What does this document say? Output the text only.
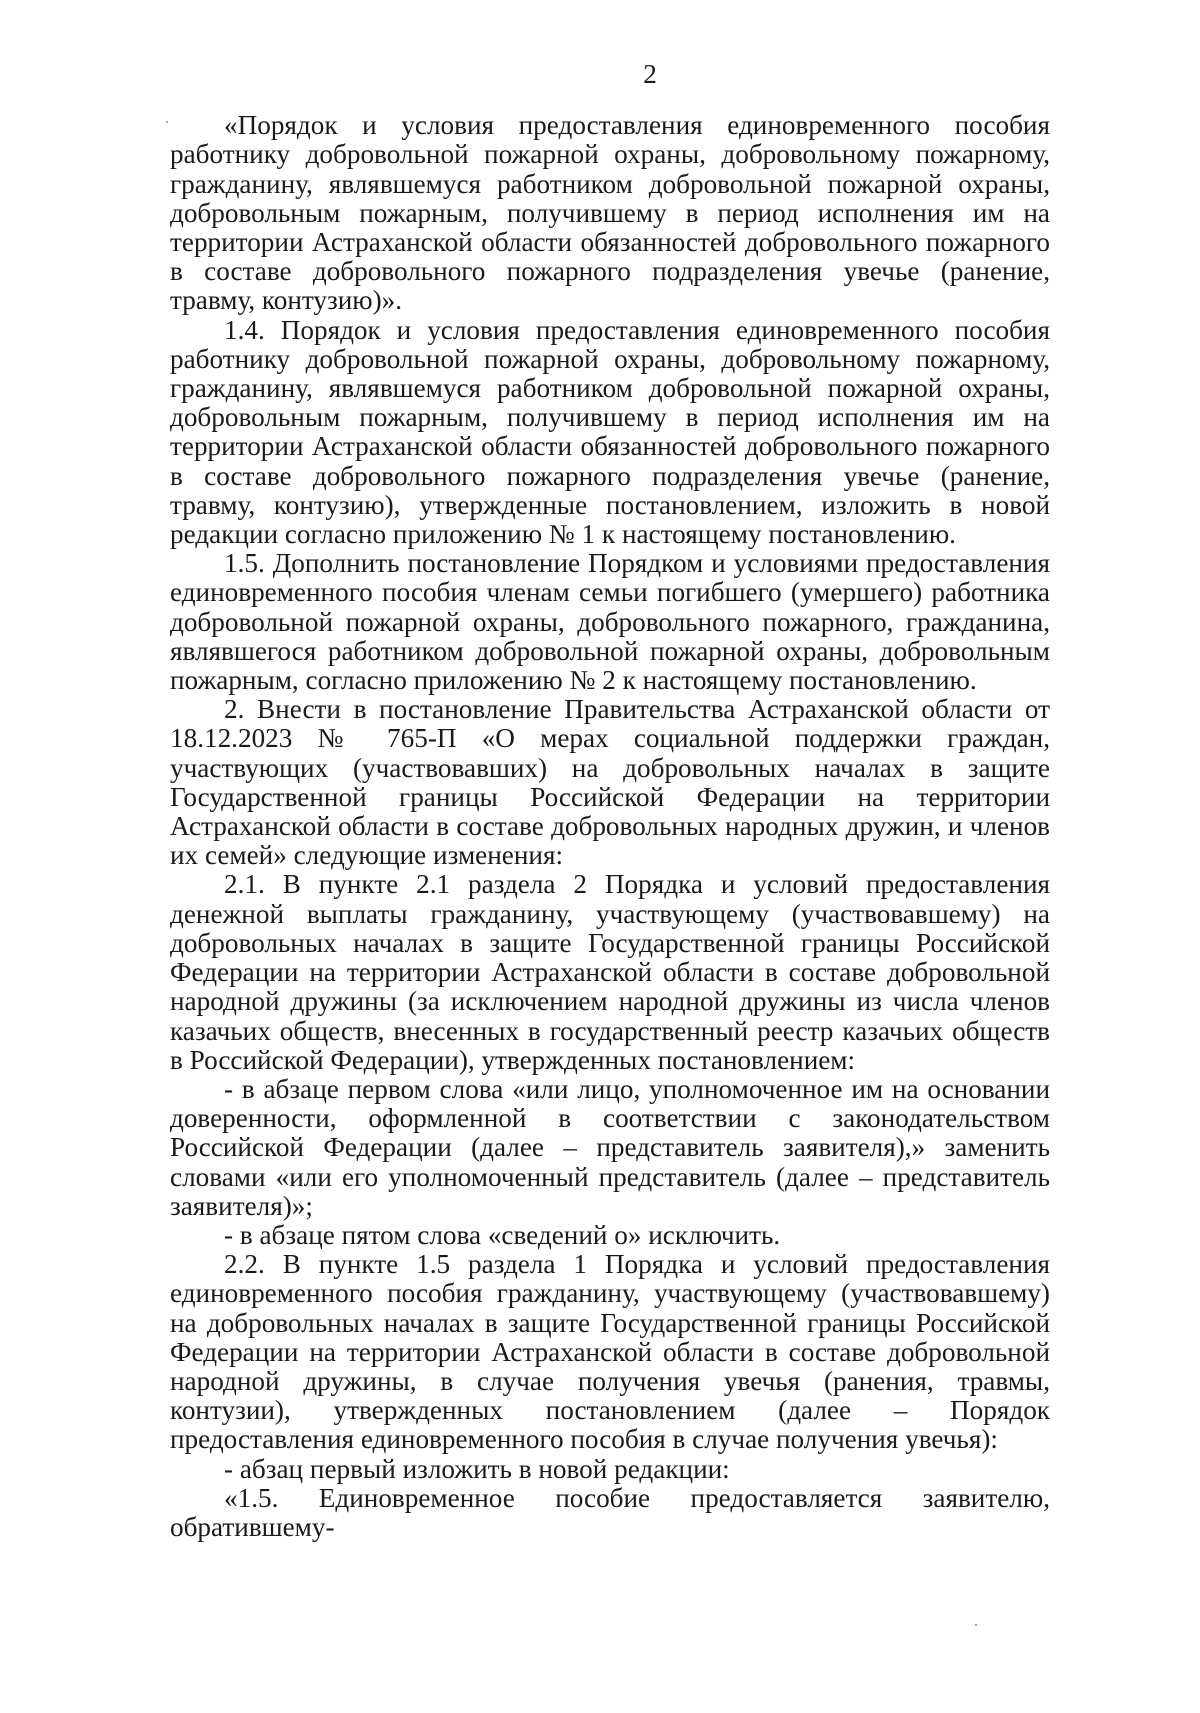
2

«Порядок и условия предоставления единовременного пособия работнику добровольной пожарной охраны, добровольному пожарному, гражданину, являвшемуся работником добровольной пожарной охраны, добровольным пожарным, получившему в период исполнения им на территории Астраханской области обязанностей добровольного пожарного в составе добровольного пожарного подразделения увечье (ранение, травму, контузию)».

1.4. Порядок и условия предоставления единовременного пособия работнику добровольной пожарной охраны, добровольному пожарному, гражданину, являвшемуся работником добровольной пожарной охраны, добровольным пожарным, получившему в период исполнения им на территории Астраханской области обязанностей добровольного пожарного в составе добровольного пожарного подразделения увечье (ранение, травму, контузию), утвержденные постановлением, изложить в новой редакции согласно приложению № 1 к настоящему постановлению.

1.5. Дополнить постановление Порядком и условиями предоставления единовременного пособия членам семьи погибшего (умершего) работника добровольной пожарной охраны, добровольного пожарного, гражданина, являвшегося работником добровольной пожарной охраны, добровольным пожарным, согласно приложению № 2 к настоящему постановлению.

2. Внести в постановление Правительства Астраханской области от 18.12.2023 № 765-П «О мерах социальной поддержки граждан, участвующих (участвовавших) на добровольных началах в защите Государственной границы Российской Федерации на территории Астраханской области в составе добровольных народных дружин, и членов их семей» следующие изменения:

2.1. В пункте 2.1 раздела 2 Порядка и условий предоставления денежной выплаты гражданину, участвующему (участвовавшему) на добровольных началах в защите Государственной границы Российской Федерации на территории Астраханской области в составе добровольной народной дружины (за исключением народной дружины из числа членов казачьих обществ, внесенных в государственный реестр казачьих обществ в Российской Федерации), утвержденных постановлением:

- в абзаце первом слова «или лицо, уполномоченное им на основании доверенности, оформленной в соответствии с законодательством Российской Федерации (далее – представитель заявителя),» заменить словами «или его уполномоченный представитель (далее – представитель заявителя)»;

- в абзаце пятом слова «сведений о» исключить.

2.2. В пункте 1.5 раздела 1 Порядка и условий предоставления единовременного пособия гражданину, участвующему (участвовавшему) на добровольных началах в защите Государственной границы Российской Федерации на территории Астраханской области в составе добровольной народной дружины, в случае получения увечья (ранения, травмы, контузии), утвержденных постановлением (далее – Порядок предоставления единовременного пособия в случае получения увечья):

- абзац первый изложить в новой редакции:

«1.5. Единовременное пособие предоставляется заявителю, обратившему-
